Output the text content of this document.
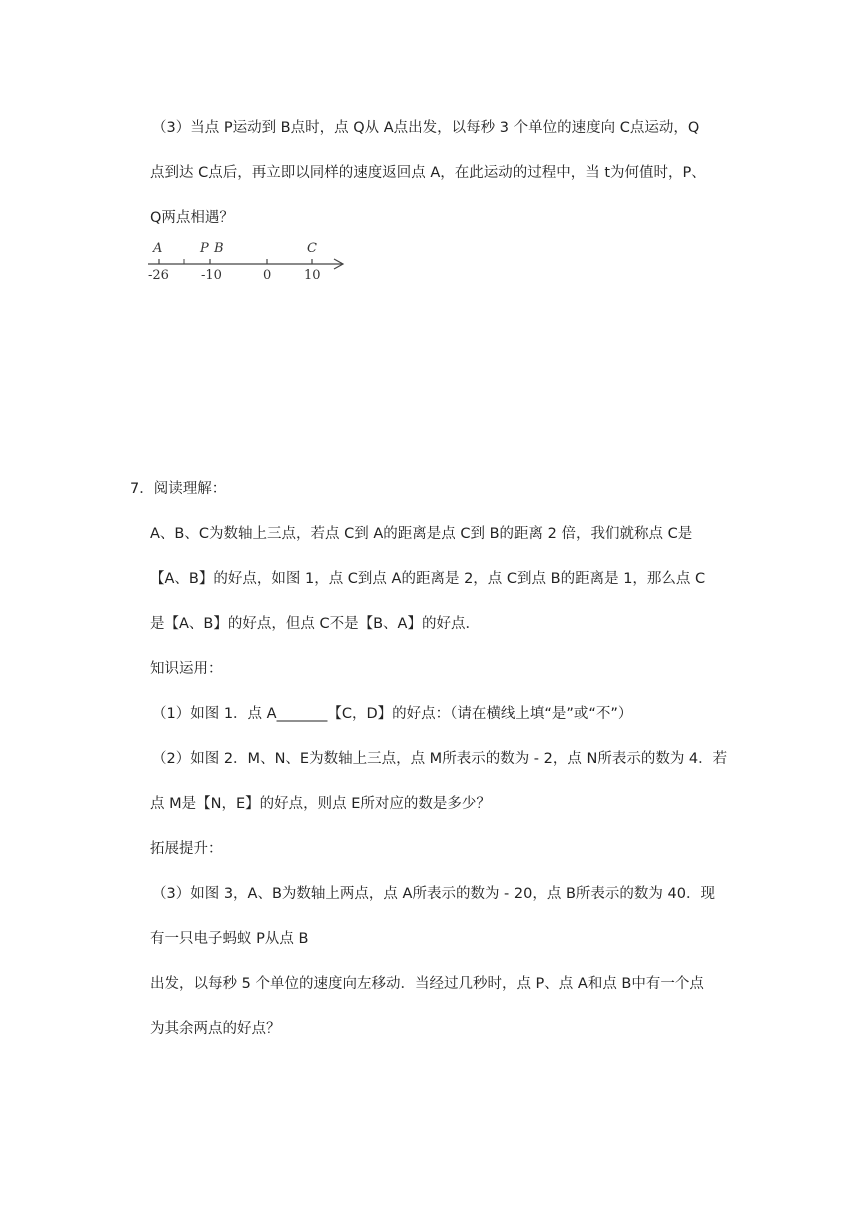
（3）当点 P运动到 B点时，点 Q从 A点出发，以每秒 3 个单位的速度向 C点运动，Q
点到达 C点后，再立即以同样的速度返回点 A，在此运动的过程中，当 t为何值时，P、
Q两点相遇？
A	P B	C
-26 -10	0	10
7．阅读理解：
A、B、C为数轴上三点，若点 C到 A的距离是点 C到 B的距离 2 倍，我们就称点 C是
【A、B】的好点，如图 1，点 C到点 A的距离是 2，点 C到点 B的距离是 1，那么点 C
是【A、B】的好点，但点 C不是【B、A】的好点．
知识运用：
（1）如图 1．点 A_______【C，D】的好点：（请在横线上填“是”或“不”）
（2）如图 2．M、N、E为数轴上三点，点 M所表示的数为 - 2，点 N所表示的数为 4．若
点 M是【N，E】的好点，则点 E所对应的数是多少？
拓展提升：
（3）如图 3，A、B为数轴上两点，点 A所表示的数为 - 20，点 B所表示的数为 40．现
有一只电子蚂蚁 P从点 B
出发，以每秒 5 个单位的速度向左移动．当经过几秒时，点 P、点 A和点 B中有一个点
为其余两点的好点？
